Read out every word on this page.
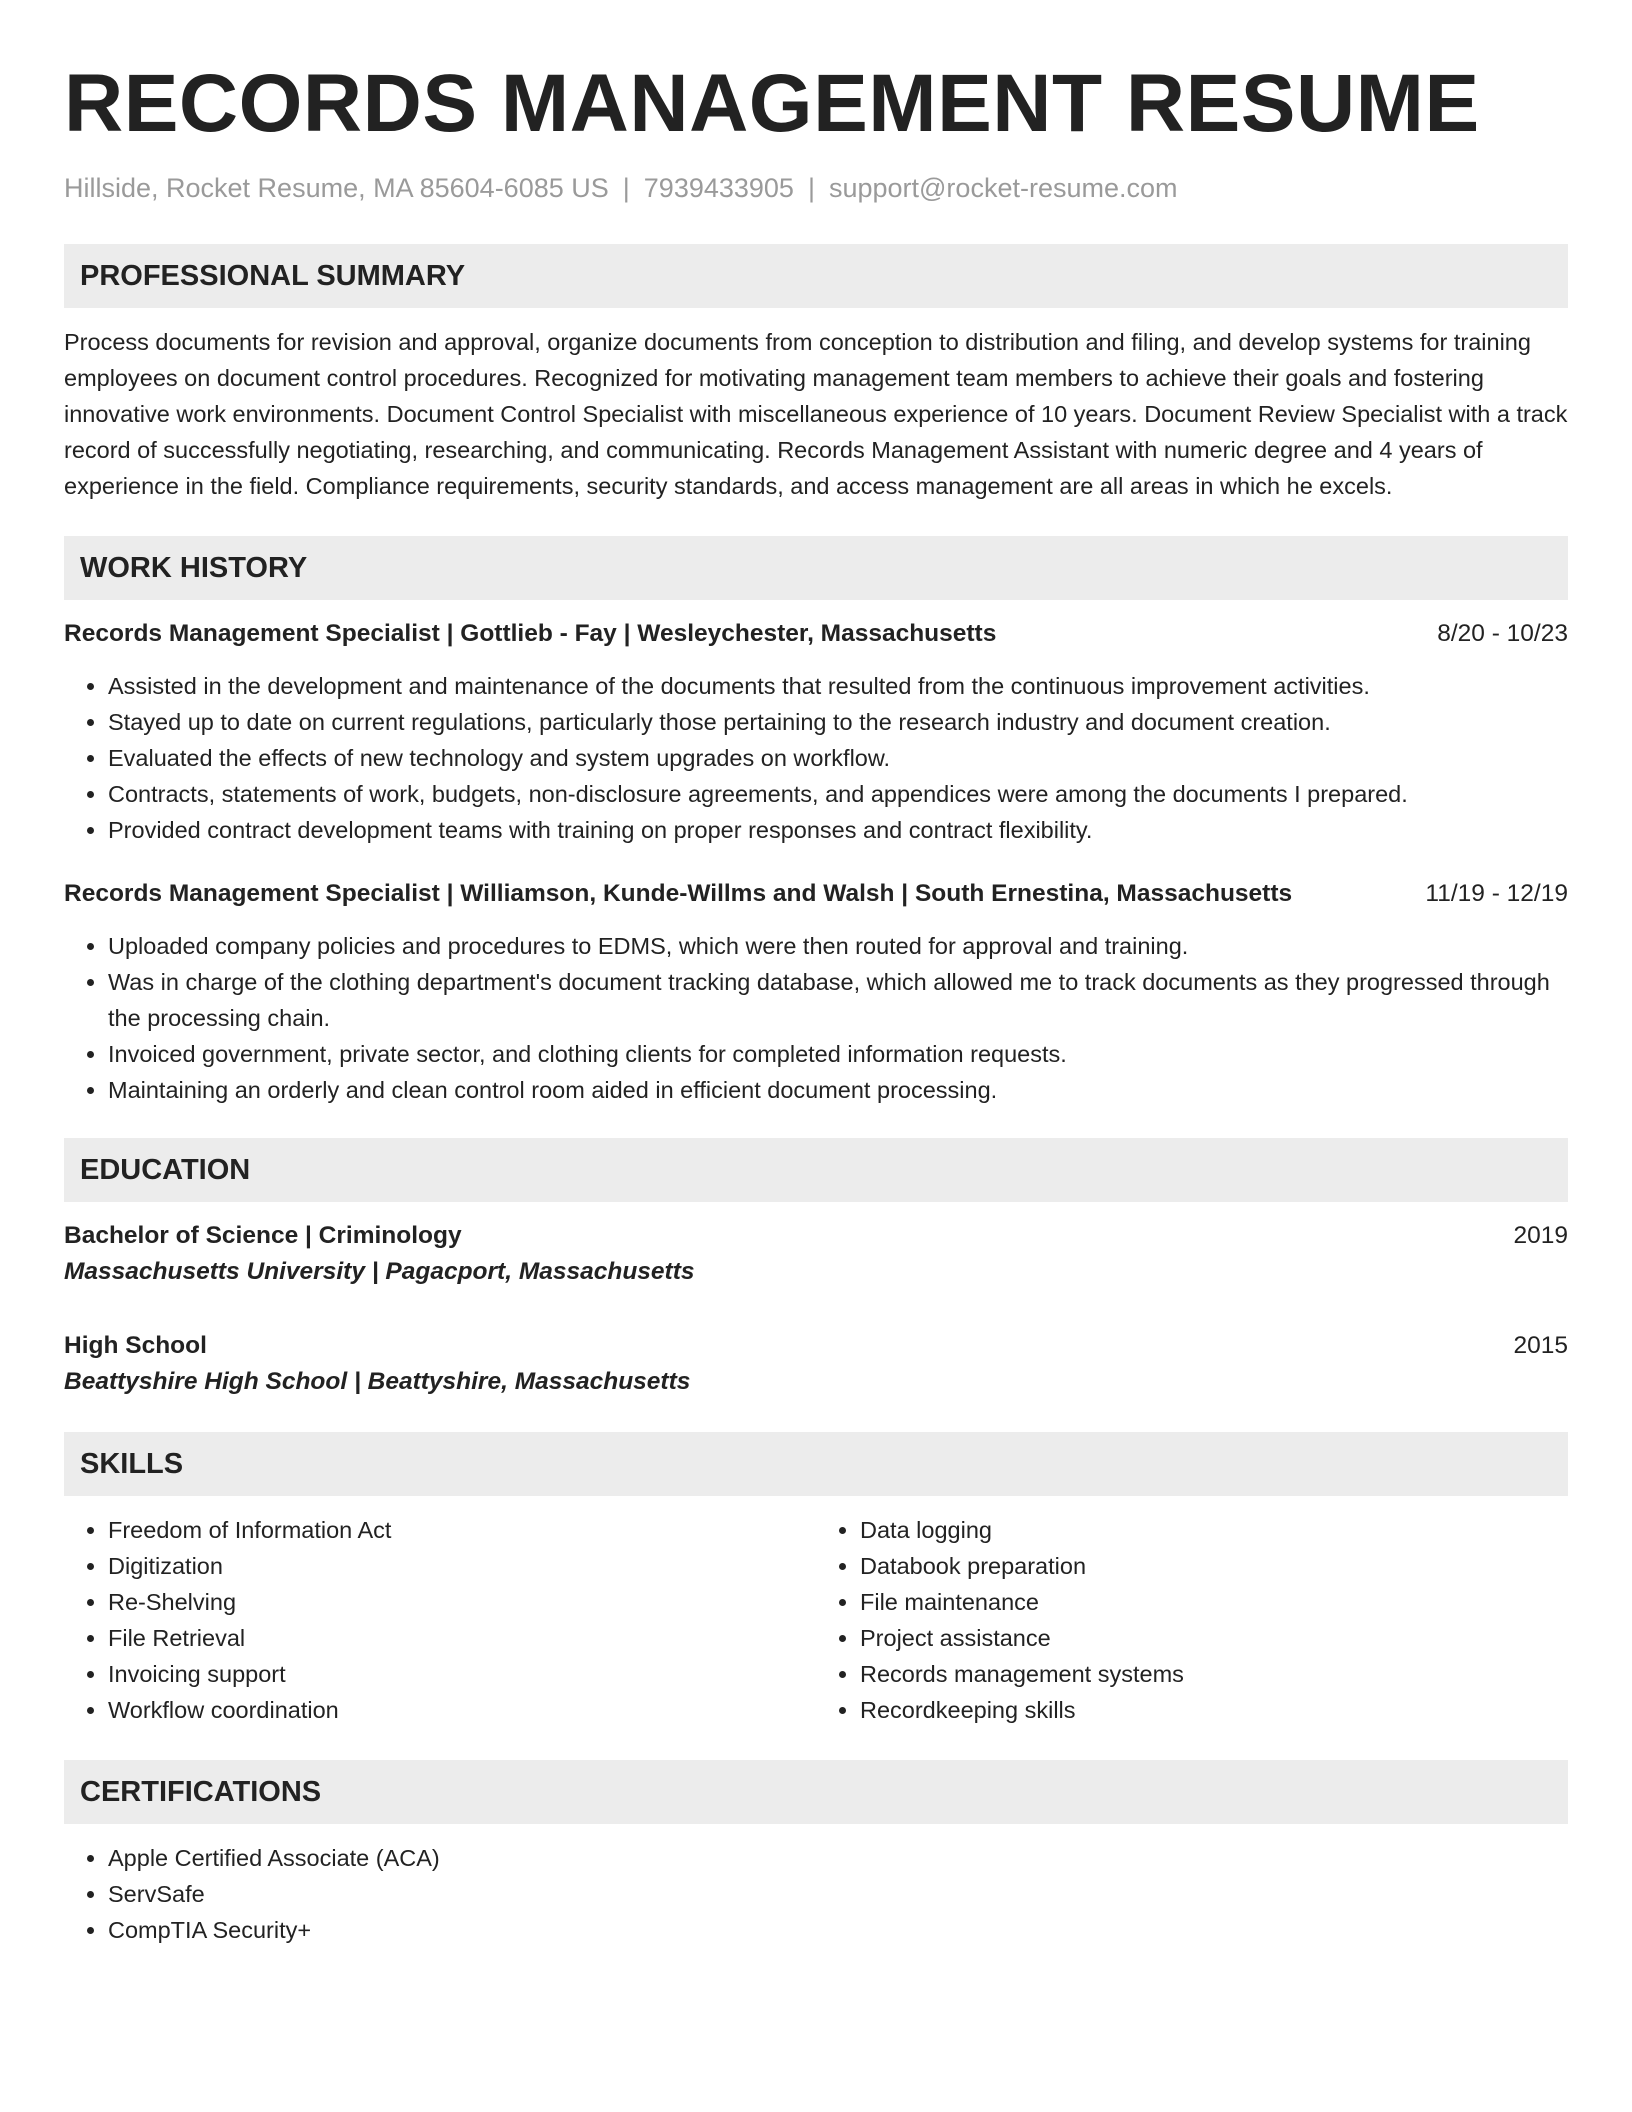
RECORDS MANAGEMENT RESUME
Hillside, Rocket Resume, MA 85604-6085 US | 7939433905 | support@rocket-resume.com
PROFESSIONAL SUMMARY

Process documents for revision and approval, organize documents from conception to distribution and filing, and develop systems for training employees on document control procedures. Recognized for motivating management team members to achieve their goals and fostering innovative work environments. Document Control Specialist with miscellaneous experience of 10 years. Document Review Specialist with a track record of successfully negotiating, researching, and communicating. Records Management Assistant with numeric degree and 4 years of experience in the field. Compliance requirements, security standards, and access management are all areas in which he excels.

WORK HISTORY
Records Management Specialist | Gottlieb - Fay | Wesleychester, Massachusetts	8/20 - 10/23
• Assisted in the development and maintenance of the documents that resulted from the continuous improvement activities.
• Stayed up to date on current regulations, particularly those pertaining to the research industry and document creation.
• Evaluated the effects of new technology and system upgrades on workflow.
• Contracts, statements of work, budgets, non-disclosure agreements, and appendices were among the documents I prepared.
• Provided contract development teams with training on proper responses and contract flexibility.
Records Management Specialist | Williamson, Kunde-Willms and Walsh | South Ernestina, Massachusetts	11/19 - 12/19
• Uploaded company policies and procedures to EDMS, which were then routed for approval and training.
• Was in charge of the clothing department's document tracking database, which allowed me to track documents as they progressed through the processing chain.
• Invoiced government, private sector, and clothing clients for completed information requests.
• Maintaining an orderly and clean control room aided in efficient document processing.
EDUCATION
Bachelor of Science | Criminology	2019
Massachusetts University | Pagacport, Massachusetts
High School	2015
Beattyshire High School | Beattyshire, Massachusetts
SKILLS
• Freedom of Information Act
• Digitization
• Re-Shelving
• File Retrieval
• Invoicing support
• Workflow coordination
• Data logging
• Databook preparation
• File maintenance
• Project assistance
• Records management systems
• Recordkeeping skills
CERTIFICATIONS
• Apple Certified Associate (ACA)
• ServSafe
• CompTIA Security+
